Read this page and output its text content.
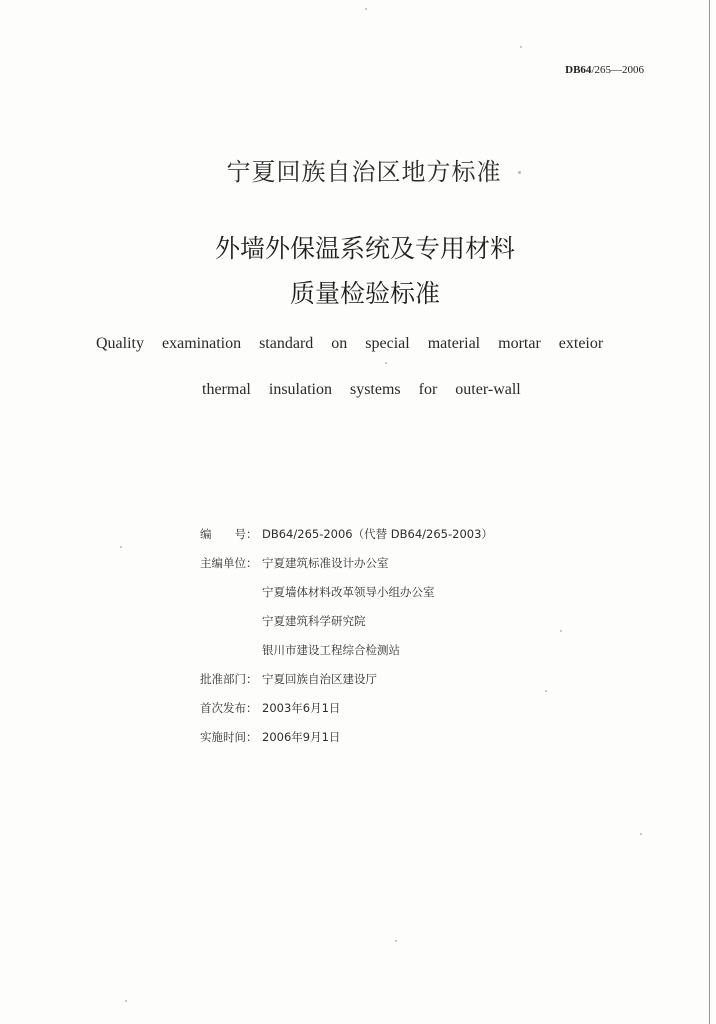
DB64/265—2006
宁夏回族自治区地方标准
外墙外保温系统及专用材料
质量检验标准
Quality examination standard on special material mortar exteior
thermal insulation systems for outer-wall
编　　号： DB64/265-2006（代替 DB64/265-2003）
主编单位： 宁夏建筑标准设计办公室
宁夏墙体材料改革领导小组办公室
宁夏建筑科学研究院
银川市建设工程综合检测站
批准部门： 宁夏回族自治区建设厅
首次发布： 2003年6月1日
实施时间： 2006年9月1日
